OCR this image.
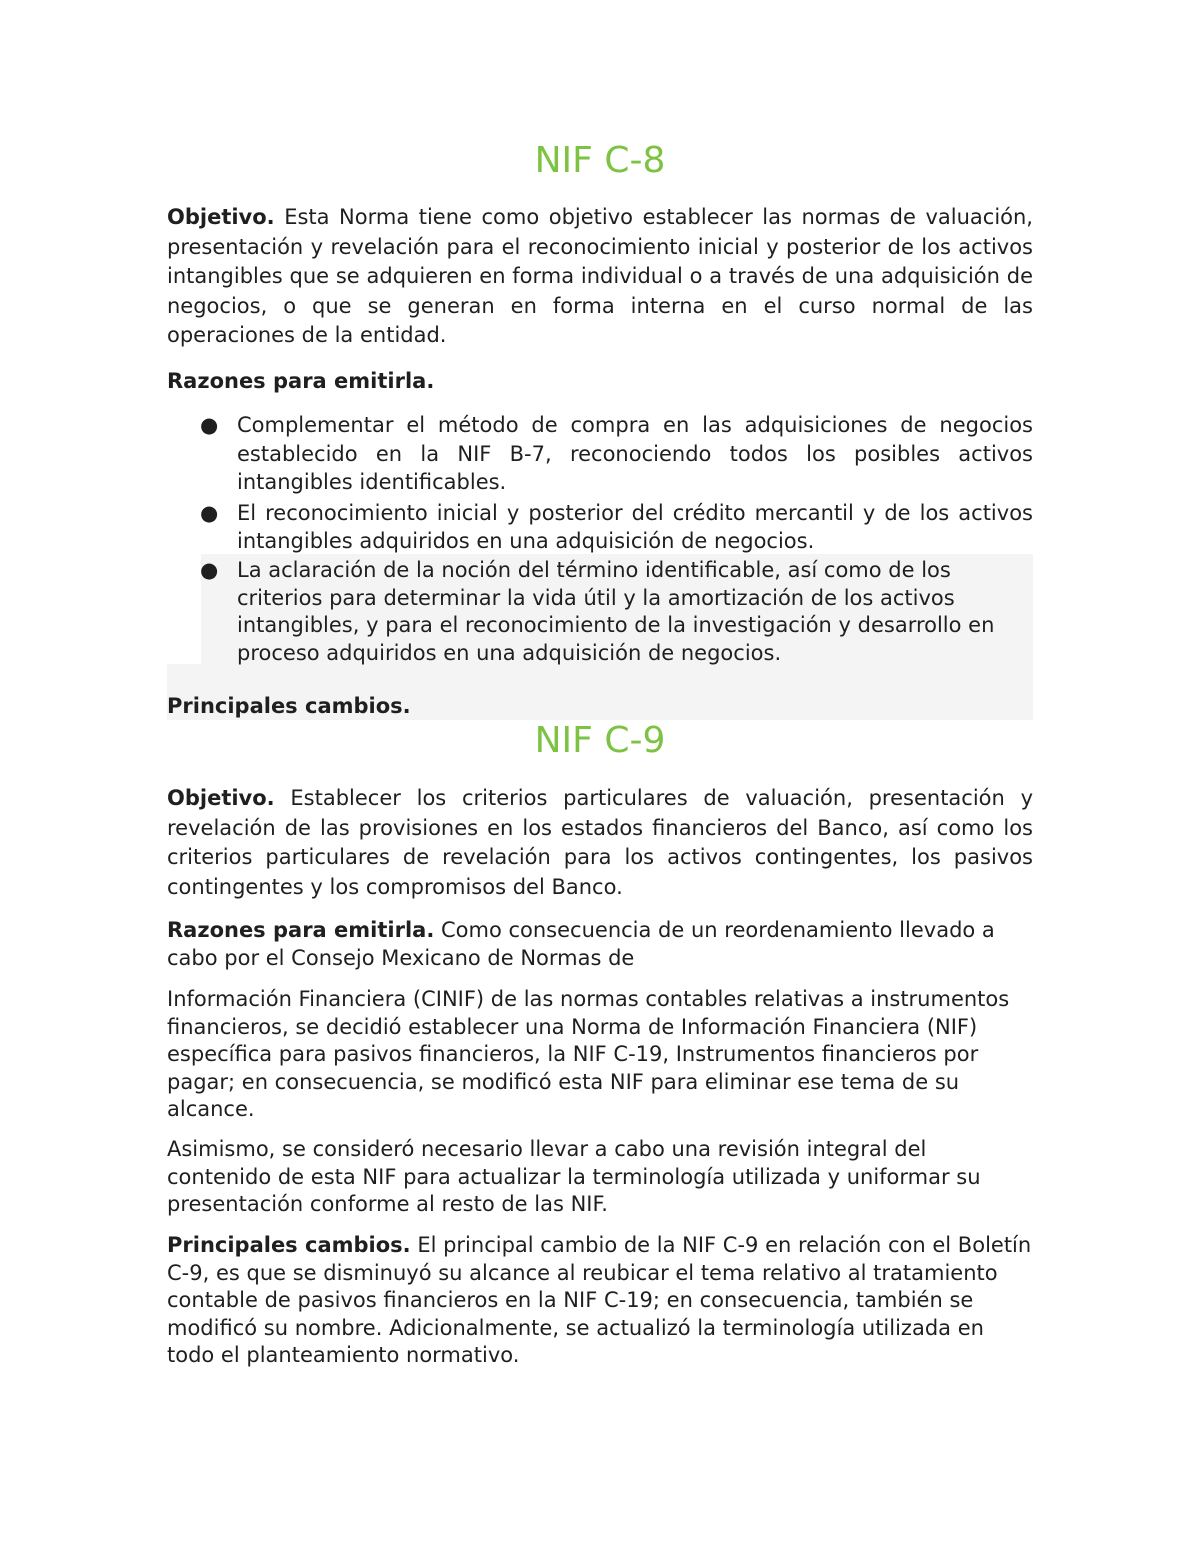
NIF C-8

Objetivo. Esta Norma tiene como objetivo establecer las normas de valuación, presentación y revelación para el reconocimiento inicial y posterior de los activos intangibles que se adquieren en forma individual o a través de una adquisición de negocios, o que se generan en forma interna en el curso normal de las operaciones de la entidad.

Razones para emitirla.

● Complementar el método de compra en las adquisiciones de negocios establecido en la NIF B-7, reconociendo todos los posibles activos intangibles identificables.
● El reconocimiento inicial y posterior del crédito mercantil y de los activos intangibles adquiridos en una adquisición de negocios.
● La aclaración de la noción del término identificable, así como de los criterios para determinar la vida útil y la amortización de los activos intangibles, y para el reconocimiento de la investigación y desarrollo en proceso adquiridos en una adquisición de negocios.

Principales cambios.

NIF C-9

Objetivo. Establecer los criterios particulares de valuación, presentación y revelación de las provisiones en los estados financieros del Banco, así como los criterios particulares de revelación para los activos contingentes, los pasivos contingentes y los compromisos del Banco.

Razones para emitirla. Como consecuencia de un reordenamiento llevado a cabo por el Consejo Mexicano de Normas de

Información Financiera (CINIF) de las normas contables relativas a instrumentos financieros, se decidió establecer una Norma de Información Financiera (NIF) específica para pasivos financieros, la NIF C-19, Instrumentos financieros por pagar; en consecuencia, se modificó esta NIF para eliminar ese tema de su alcance.

Asimismo, se consideró necesario llevar a cabo una revisión integral del contenido de esta NIF para actualizar la terminología utilizada y uniformar su presentación conforme al resto de las NIF.

Principales cambios. El principal cambio de la NIF C-9 en relación con el Boletín C-9, es que se disminuyó su alcance al reubicar el tema relativo al tratamiento contable de pasivos financieros en la NIF C-19; en consecuencia, también se modificó su nombre. Adicionalmente, se actualizó la terminología utilizada en todo el planteamiento normativo.
